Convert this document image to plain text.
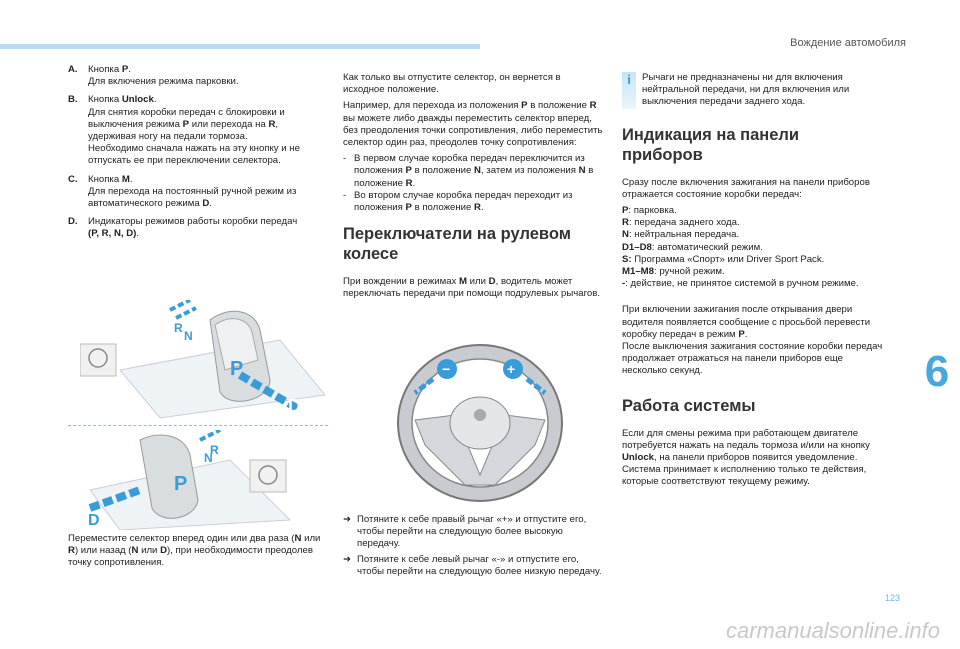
Вождение автомобиля
6
123
A.	Кнопка P.

Для включения режима парковки.

B.	Кнопка Unlock.

Для снятия коробки передач с блокировки и выключения режима P или перехода на R, удерживая ногу на педали тормоза.

Необходимо сначала нажать на эту кнопку и не отпускать ее при переключении селектора.

C.	Кнопка M.

Для перехода на постоянный ручной режим из автоматического режима D.

D.	Индикаторы режимов работы коробки передач

(P, R, N, D).

P
D
R
N
P
D
R
N
Переместите селектор вперед один или два раза (N или R) или назад (N или D), при необходимости преодолев точку сопротивления.

Как только вы отпустите селектор, он вернется в исходное положение.

Например, для перехода из положения P в положение R вы можете либо дважды переместить селектор вперед, без преодоления точки сопротивления, либо переместить селектор один раз, преодолев точку сопротивления:

- В первом случае коробка передач переключится из положения P в положение N, затем из положения N в положение R.
- Во втором случае коробка передач переходит из положения P в положение R.
Переключатели на рулевом колесе

При вождении в режимах M или D, водитель может переключать передачи при помощи подрулевых рычагов.

−	+
➜ Потяните к себе правый рычаг «+» и отпустите его, чтобы перейти на следующую более высокую передачу.
➜ Потяните к себе левый рычаг «-» и отпустите его, чтобы перейти на следующую более низкую передачу.
i	Рычаги не предназначены ни для включения нейтральной передачи, ни для включения или выключения передачи заднего хода.
Индикация на панели приборов

Сразу после включения зажигания на панели приборов отражается состояние коробки передач:

P: парковка.
R: передача заднего хода.
N: нейтральная передача.
D1–D8: автоматический режим.
S: Программа «Спорт» или Driver Sport Pack.
M1–M8: ручной режим.
-: действие, не принятое системой в ручном режиме.

При включении зажигания после открывания двери водителя появляется сообщение с просьбой перевести коробку передач в режим P.

После выключения зажигания состояние коробки передач продолжает отражаться на панели приборов еще несколько секунд.

Работа системы

Если для смены режима при работающем двигателе потребуется нажать на педаль тормоза и/или на кнопку Unlock, на панели приборов появится уведомление.

Система принимает к исполнению только те действия, которые соответствуют текущему режиму.

carmanualsonline.info
